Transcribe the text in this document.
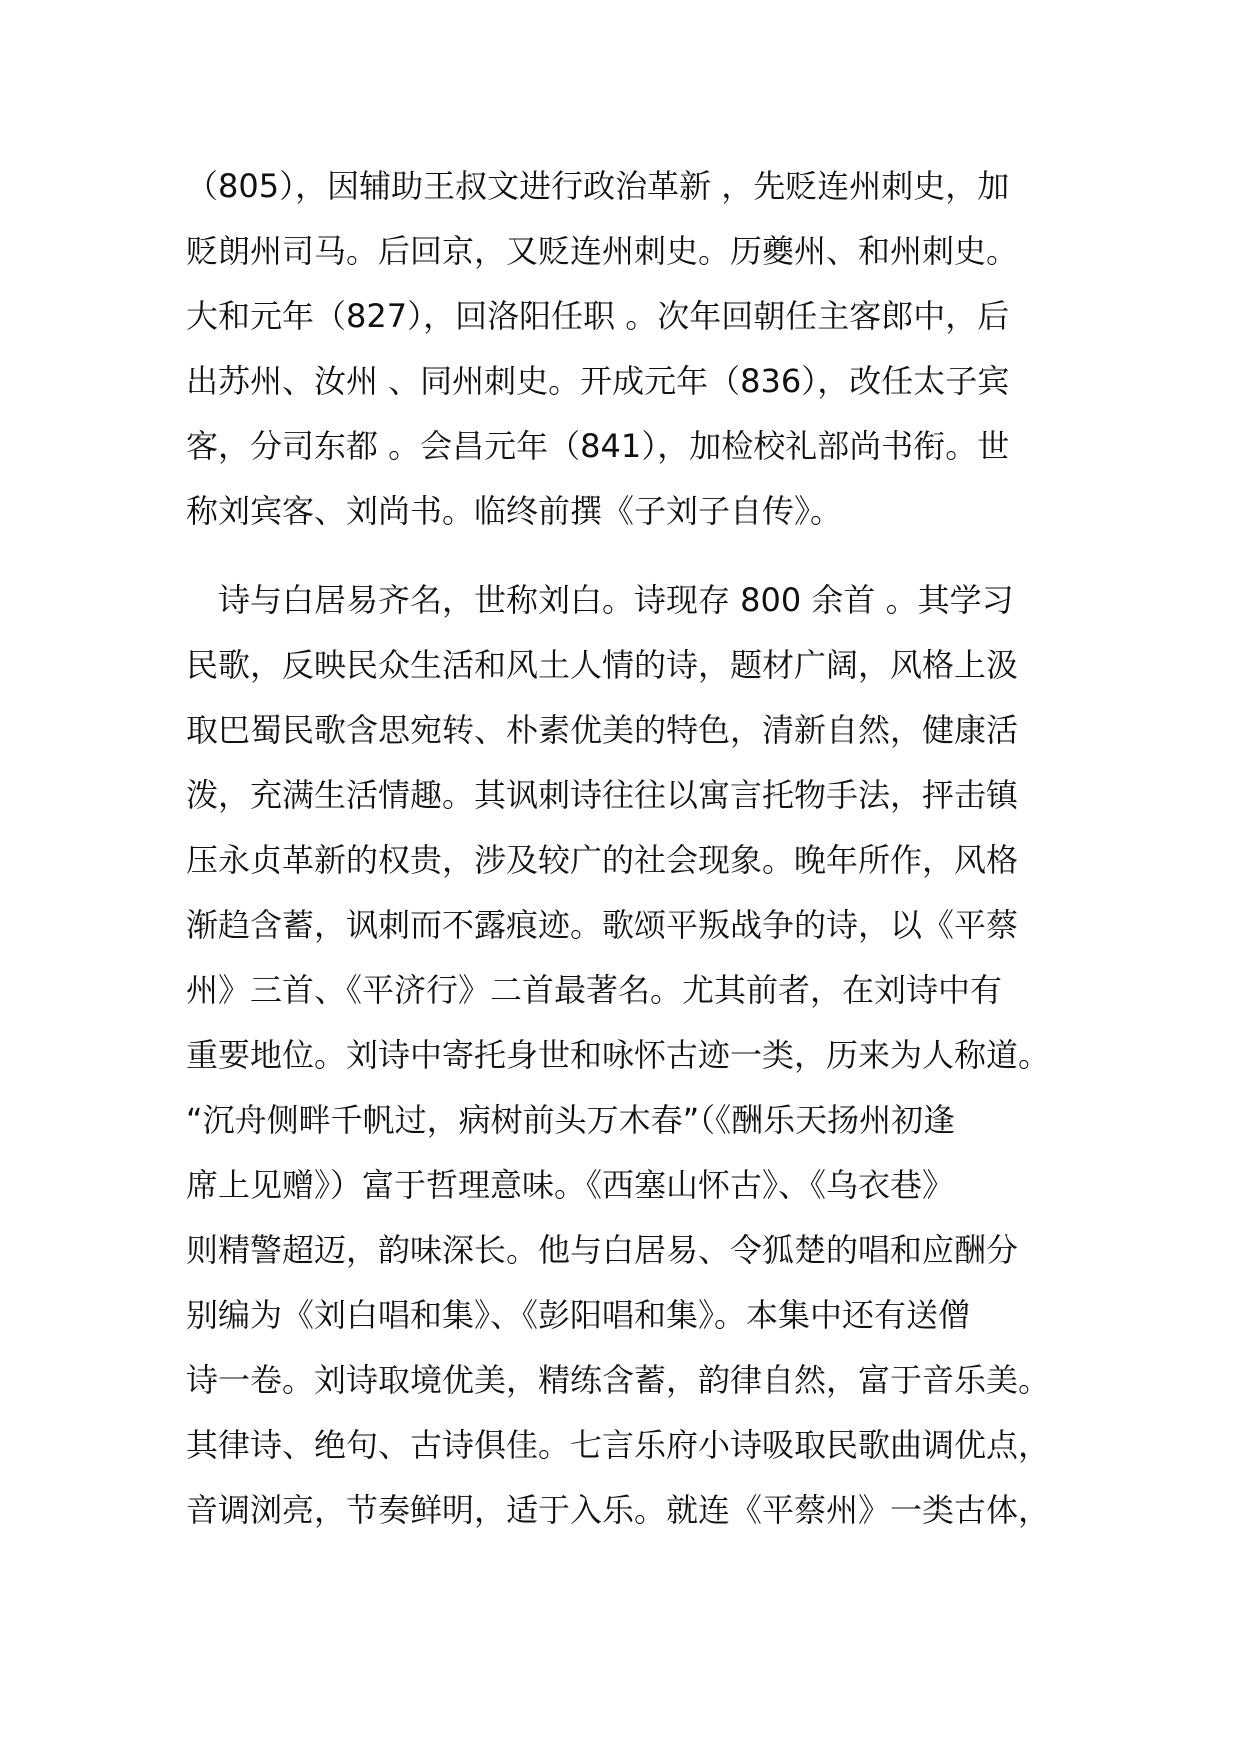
（805），因辅助王叔文进行政治革新 ，先贬连州刺史，加
贬朗州司马。后回京，又贬连州刺史。历夔州、和州刺史。
大和元年（827），回洛阳任职 。次年回朝任主客郎中，后
出苏州、汝州 、同州刺史。开成元年（836），改任太子宾
客，分司东都 。会昌元年（841），加检校礼部尚书衔。世
称刘宾客、刘尚书。临终前撰《子刘子自传》。
　诗与白居易齐名，世称刘白。诗现存 800 余首 。其学习
民歌，反映民众生活和风土人情的诗，题材广阔，风格上汲
取巴蜀民歌含思宛转、朴素优美的特色，清新自然，健康活
泼，充满生活情趣。其讽刺诗往往以寓言托物手法，抨击镇
压永贞革新的权贵，涉及较广的社会现象。晚年所作，风格
渐趋含蓄，讽刺而不露痕迹。歌颂平叛战争的诗，以《平蔡
州》三首、《平济行》二首最著名。尤其前者，在刘诗中有
重要地位。刘诗中寄托身世和咏怀古迹一类，历来为人称道。
“沉舟侧畔千帆过，病树前头万木春”（《酬乐天扬州初逢
席上见赠》）富于哲理意味。《西塞山怀古》、《乌衣巷》
则精警超迈，韵味深长。他与白居易、令狐楚的唱和应酬分
别编为《刘白唱和集》、《彭阳唱和集》。本集中还有送僧
诗一卷。刘诗取境优美，精练含蓄，韵律自然，富于音乐美。
其律诗、绝句、古诗俱佳。七言乐府小诗吸取民歌曲调优点，
音调浏亮，节奏鲜明，适于入乐。就连《平蔡州》一类古体，
